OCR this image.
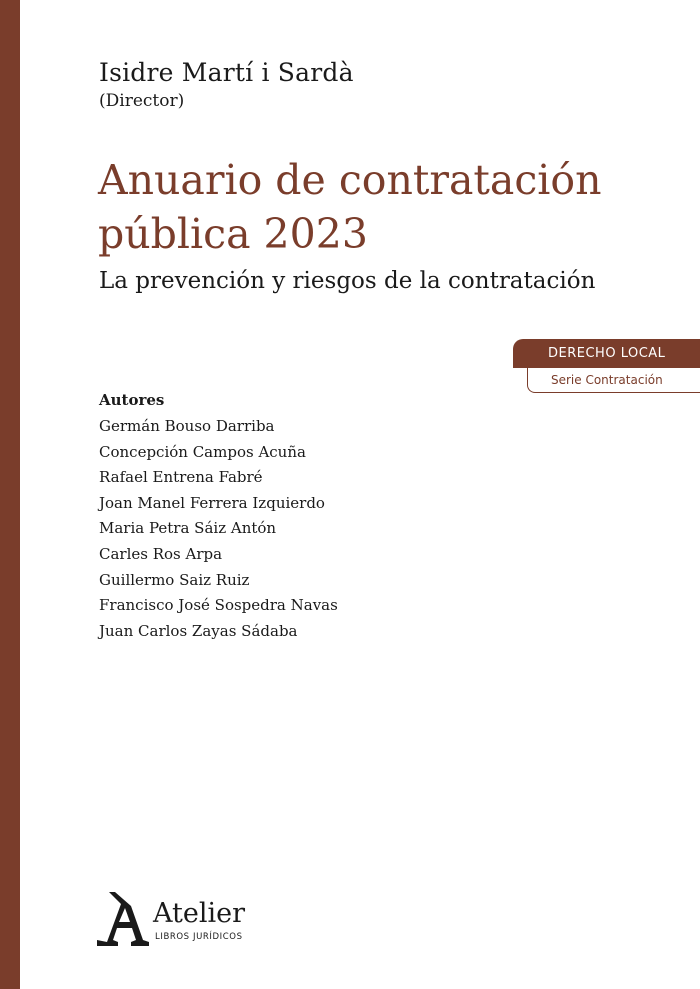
Isidre Martí i Sardà
(Director)
Anuario de contratación
pública 2023
La prevención y riesgos de la contratación
DERECHO LOCAL
Serie Contratación
Autores
Germán Bouso Darriba
Concepción Campos Acuña
Rafael Entrena Fabré
Joan Manel Ferrera Izquierdo
Maria Petra Sáiz Antón
Carles Ros Arpa
Guillermo Saiz Ruiz
Francisco José Sospedra Navas
Juan Carlos Zayas Sádaba
Atelier
LIBROS JURÍDICOS
